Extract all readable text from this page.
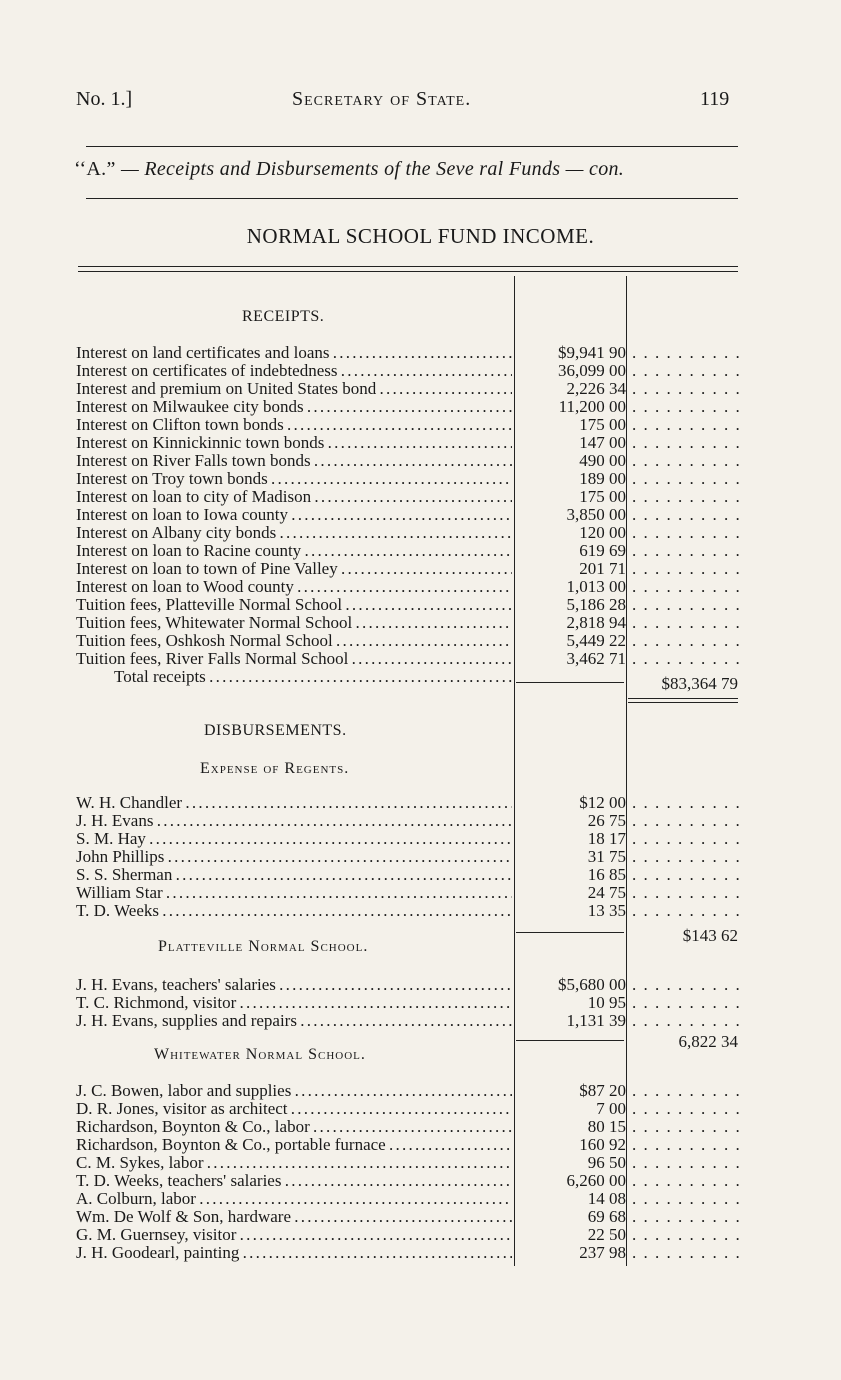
No. 1.]	Secretary of State.	119
‘‘A.” — Receipts and Disbursements of the Seve ral Funds — con.
NORMAL SCHOOL FUND INCOME.
RECEIPTS.
Interest on land certificates and loans . . .	$9,941 90
. . .
Interest on certificates of indebtedness . . .	36,099 00
. . .
Interest and premium on United States bond . . .	2,226 34
. . .
Interest on Milwaukee city bonds . . .	11,200 00
. . .
Interest on Clifton town bonds . . .	175 00
. . .
Interest on Kinnickinnic town bonds . . .	147 00
. . .
Interest on River Falls town bonds . . .	490 00
. . .
Interest on Troy town bonds . . .	189 00
. . .
Interest on loan to city of Madison . . .	175 00
. . .
Interest on loan to Iowa county . . .	3,850 00
. . .
Interest on Albany city bonds . . .	120 00
. . .
Interest on loan to Racine county . . .	619 69
. . .
Interest on loan to town of Pine Valley . . .	201 71
. . .
Interest on loan to Wood county . . .	1,013 00
. . .
Tuition fees, Platteville Normal School . . .	5,186 28
. . .
Tuition fees, Whitewater Normal School . . .	2,818 94
. . .
Tuition fees, Oshkosh Normal School . . .	5,449 22
. . .
Tuition fees, River Falls Normal School . . .	3,462 71
. . .
Total receipts . . .	$83,364 79
DISBURSEMENTS.
Expense of Regents.
W. H. Chandler . . .	$12 00
. . .
J. H. Evans . . .	26 75
. . .
S. M. Hay . . .	18 17
. . .
John Phillips . . .	31 75
. . .
S. S. Sherman . . .	16 85
. . .
William Star . . .	24 75
. . .
T. D. Weeks . . .	13 35
. . .
$143 62
Platteville Normal School.
J. H. Evans, teachers' salaries . . .	$5,680 00
. . .
T. C. Richmond, visitor . . .	10 95
. . .
J. H. Evans, supplies and repairs . . .	1,131 39
. . .
6,822 34
Whitewater Normal School.
J. C. Bowen, labor and supplies . . .	$87 20
. . .
D. R. Jones, visitor as architect . . .	7 00
. . .
Richardson, Boynton & Co., labor . . .	80 15
. . .
Richardson, Boynton & Co., portable furnace . . .	160 92
. . .
C. M. Sykes, labor . . .	96 50
. . .
T. D. Weeks, teachers' salaries . . .	6,260 00
. . .
A. Colburn, labor . . .	14 08
. . .
Wm. De Wolf & Son, hardware . . .	69 68
. . .
G. M. Guernsey, visitor . . .	22 50
. . .
J. H. Goodearl, painting . . .	237 98
. . .
